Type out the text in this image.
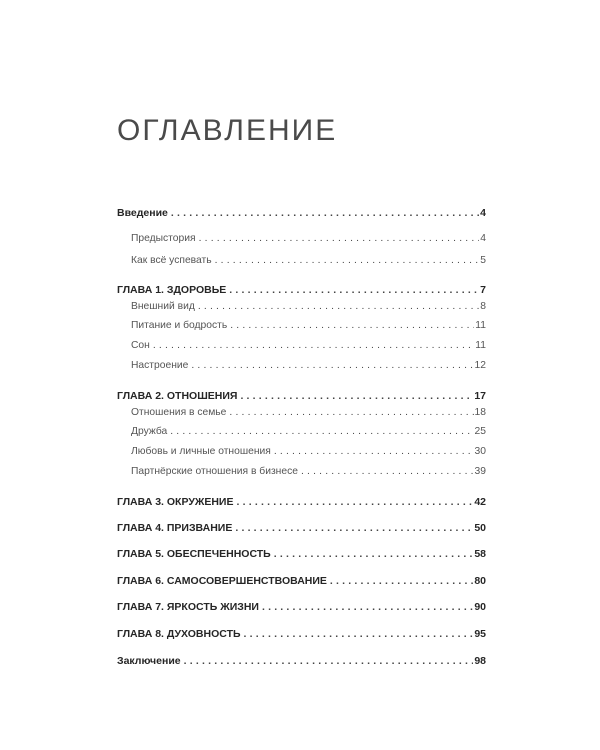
ОГЛАВЛЕНИЕ
Введение .....	4
Предыстория .....	4
Как всё успевать .....	5
ГЛАВА 1. ЗДОРОВЬЕ .....	7
Внешний вид .....	8
Питание и бодрость .....	11
Сон .....	11
Настроение .....	12
ГЛАВА 2. ОТНОШЕНИЯ .....	17
Отношения в семье .....	18
Дружба .....	25
Любовь и личные отношения .....	30
Партнёрские отношения в бизнесе .....	39
ГЛАВА 3. ОКРУЖЕНИЕ .....	42
ГЛАВА 4. ПРИЗВАНИЕ .....	50
ГЛАВА 5. ОБЕСПЕЧЕННОСТЬ .....	58
ГЛАВА 6. САМОСОВЕРШЕНСТВОВАНИЕ .....	80
ГЛАВА 7. ЯРКОСТЬ ЖИЗНИ .....	90
ГЛАВА 8. ДУХОВНОСТЬ .....	95
Заключение .....	98
